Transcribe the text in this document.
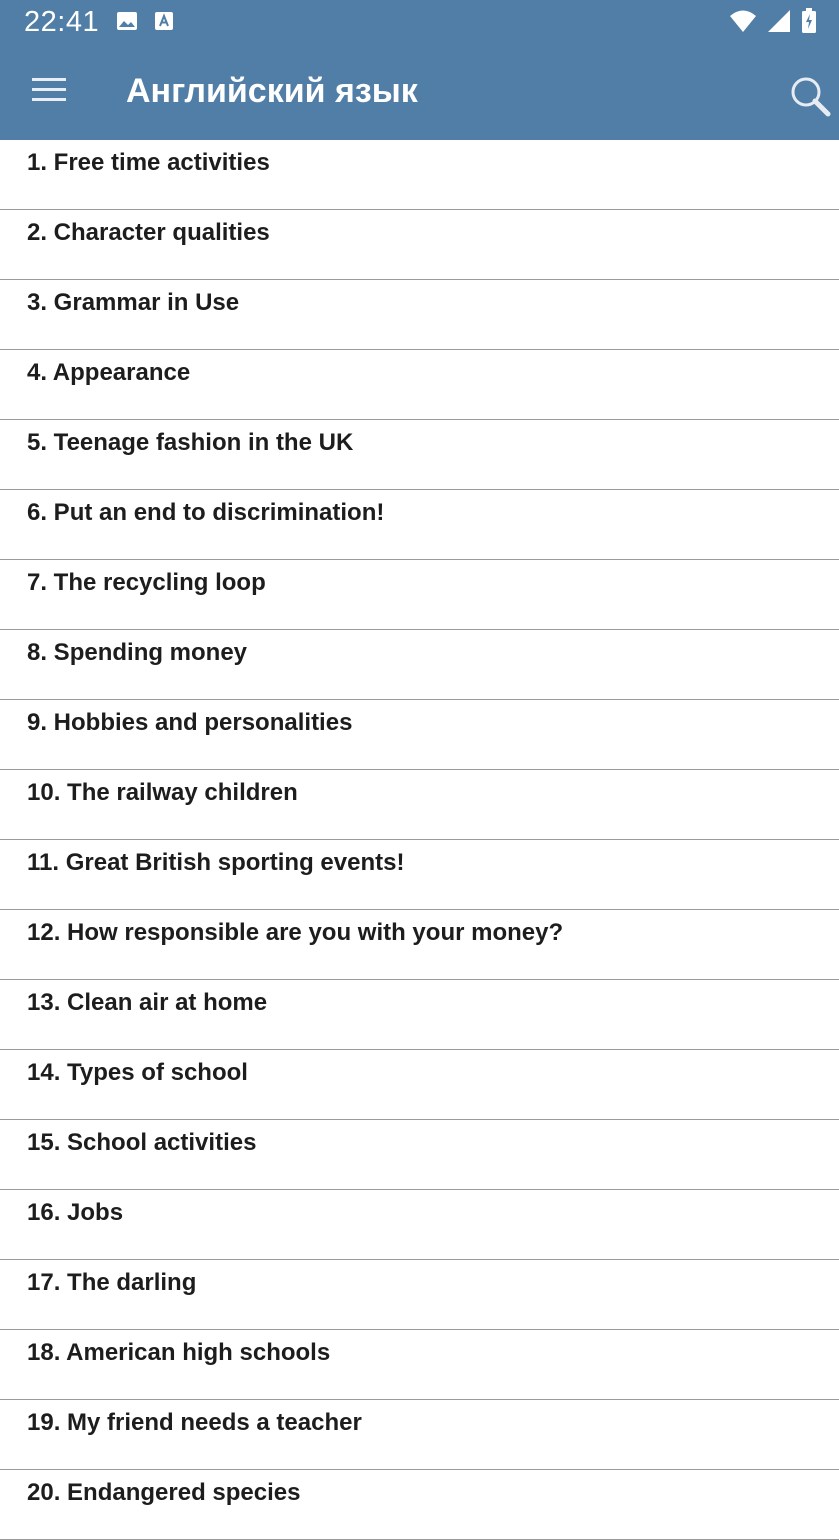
22:41
Английский язык
1. Free time activities
2. Character qualities
3. Grammar in Use
4. Appearance
5. Teenage fashion in the UK
6. Put an end to discrimination!
7. The recycling loop
8. Spending money
9. Hobbies and personalities
10. The railway children
11. Great British sporting events!
12. How responsible are you with your money?
13. Clean air at home
14. Types of school
15. School activities
16. Jobs
17. The darling
18. American high schools
19. My friend needs a teacher
20. Endangered species
